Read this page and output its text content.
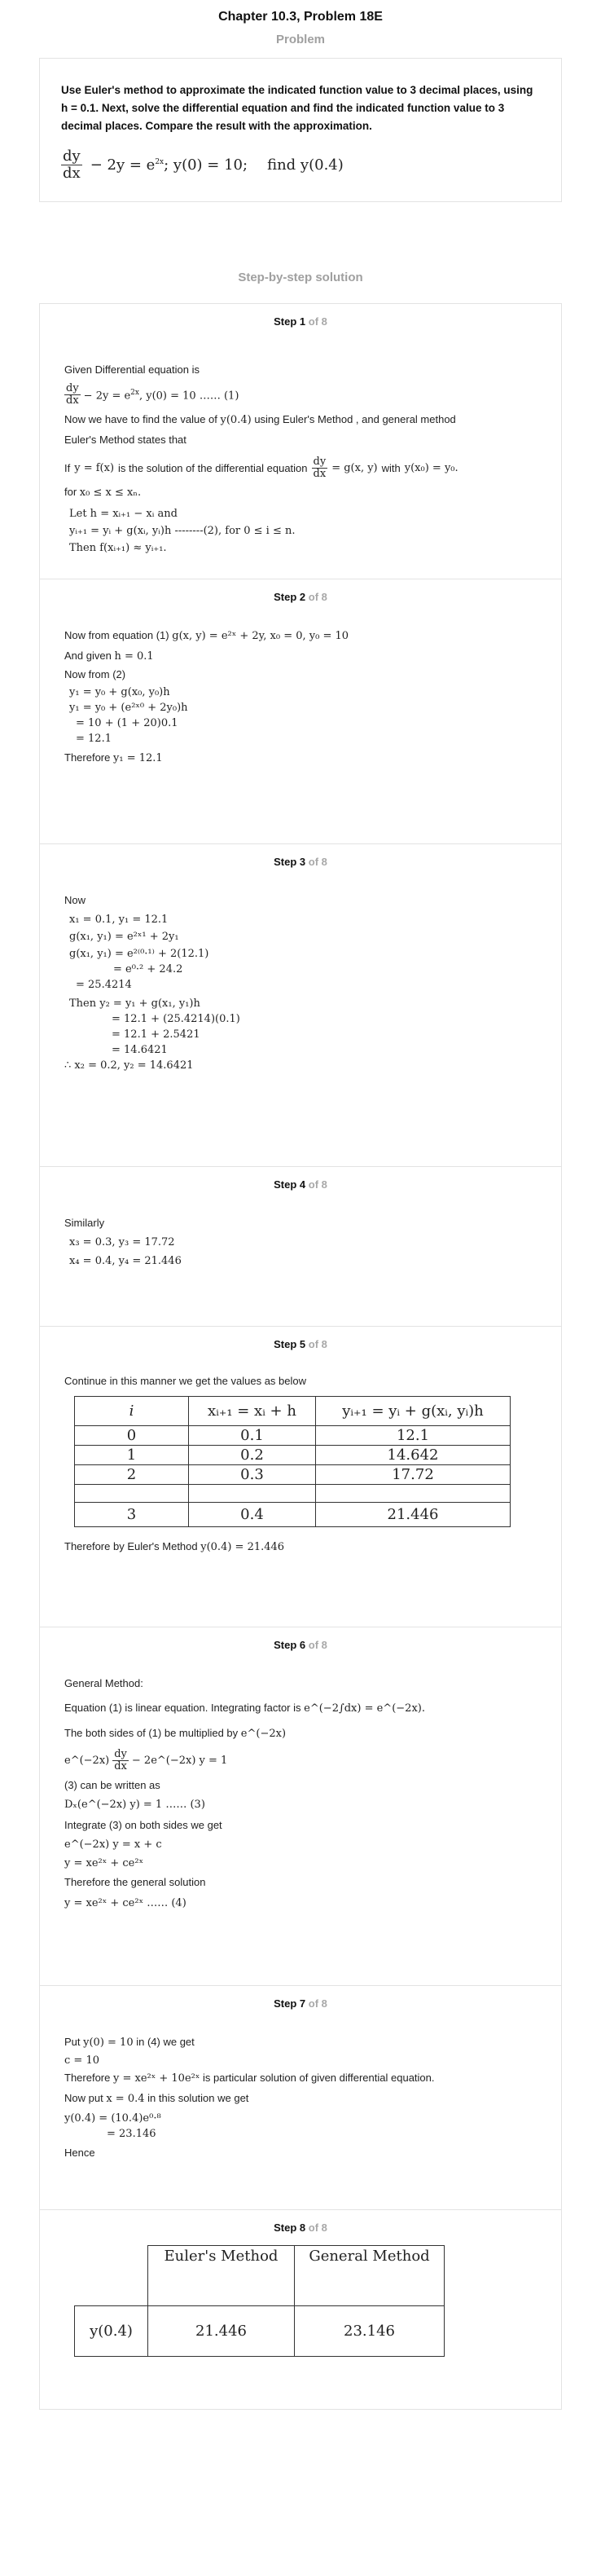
Chapter 10.3, Problem 18E
Problem
Use Euler's method to approximate the indicated function value to 3 decimal places, using h = 0.1. Next, solve the differential equation and find the indicated function value to 3 decimal places. Compare the result with the approximation.
$\frac{dy}{dx} - 2y = e^{2x}$; y(0) = 10; find y(0.4)
Step-by-step solution
Step 1 of 8
Given Differential equation is
$\frac{dy}{dx} - 2y = e^{2x}$, y(0) = 10 …… (1)
Now we have to find the value of y(0.4) using Euler's Method , and general method
Euler's Method states that
If y = f(x) is the solution of the differential equation $\frac{dy}{dx} = g(x$, y) with y(x₀) = y₀.
for x₀ ≤ x ≤ xₙ.
Let h = xᵢ₊₁ − xᵢ and
yᵢ₊₁ = yᵢ + g(xᵢ, yᵢ)h --------(2), for 0 ≤ i ≤ n.
Then f(xᵢ₊₁) ≈ yᵢ₊₁.
Step 2 of 8
Now from equation (1) g(x, y) = e²ˣ + 2y, x₀ = 0, y₀ = 10
And given h = 0.1
Now from (2)
y₁ = y₀ + g(x₀, y₀)h
y₁ = y₀ + (e²ˣ⁰ + 2y₀)h
= 10 + (1 + 20)0.1
= 12.1
Therefore y₁ = 12.1
Step 3 of 8
Now
x₁ = 0.1, y₁ = 12.1
g(x₁, y₁) = e²ˣ¹ + 2y₁
g(x₁, y₁) = e²⁽⁰·¹⁾ + 2(12.1)
= e⁰·² + 24.2
= 25.4214
Then y₂ = y₁ + g(x₁, y₁)h
= 12.1 + (25.4214)(0.1)
= 12.1 + 2.5421
= 14.6421
∴ x₂ = 0.2, y₂ = 14.6421
Step 4 of 8
Similarly
x₃ = 0.3, y₃ = 17.72
x₄ = 0.4, y₄ = 21.446
Step 5 of 8
Continue in this manner we get the values as below
i	xᵢ₊₁ = xᵢ + h	yᵢ₊₁ = yᵢ + g(xᵢ, yᵢ)h
0	0.1	12.1
1	0.2	14.642
2	0.3	17.72

3	0.4	21.446
Therefore by Euler's Method y(0.4) = 21.446
Step 6 of 8
General Method:
Equation (1) is linear equation. Integrating factor is e^(−2∫dx) = e^(−2x).
The both sides of (1) be multiplied by e^(−2x)
e^(−2x) $\frac{dy}{dx}$ − 2e^(−2x) y = 1
(3) can be written as
Dₓ(e^(−2x) y) = 1 …… (3)
Integrate (3) on both sides we get
e^(−2x) y = x + c
y = xe²ˣ + ce²ˣ
Therefore the general solution
y = xe²ˣ + ce²ˣ …… (4)
Step 7 of 8
Put y(0) = 10 in (4) we get
c = 10
Therefore y = xe²ˣ + 10e²ˣ is particular solution of given differential equation.
Now put x = 0.4 in this solution we get
y(0.4) = (10.4)e⁰·⁸
= 23.146
Hence
Step 8 of 8
	Euler's Method	General Method
y(0.4)	21.446	23.146
